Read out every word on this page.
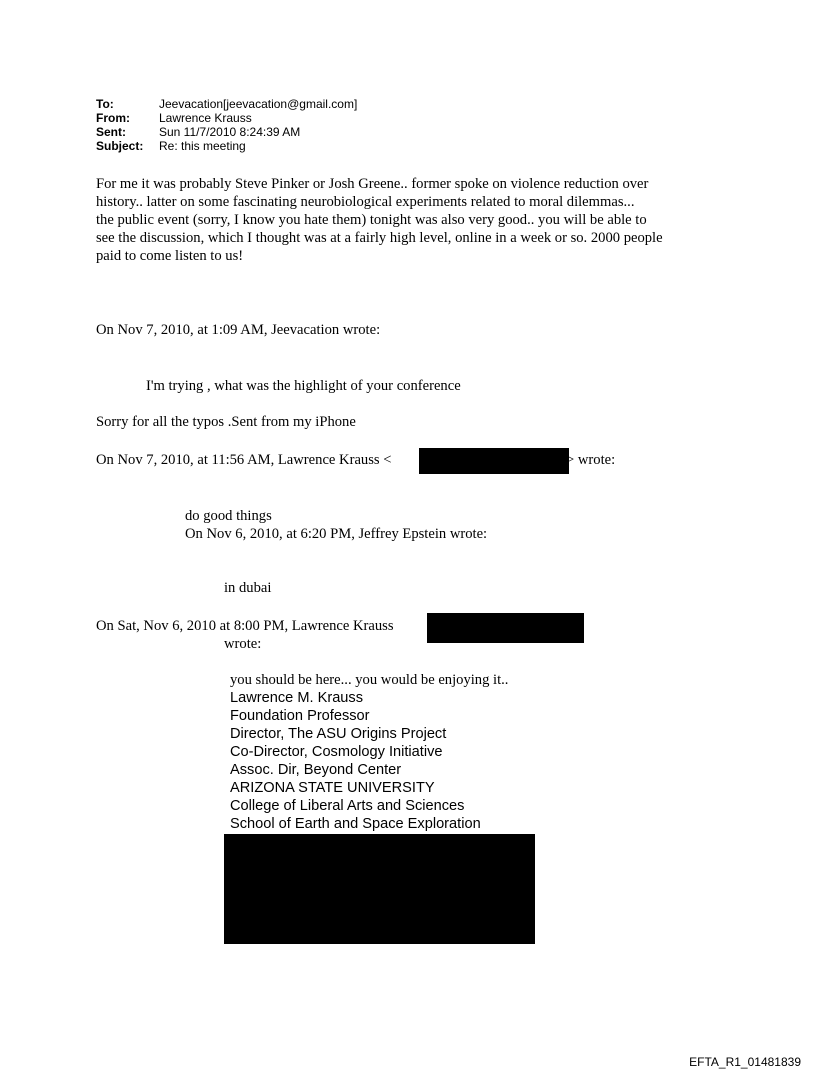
To:	Jeevacation[jeevacation@gmail.com]
From: Lawrence Krauss
Sent:	Sun 11/7/2010 8:24:39 AM
Subject: Re: this meeting
For me it was probably Steve Pinker or Josh Greene.. former spoke on violence reduction over
history.. latter on some fascinating neurobiological experiments related to moral dilemmas...
the public event (sorry, I know you hate them) tonight was also very good.. you will be able to
see the discussion, which I thought was at a fairly high level, online in a week or so. 2000 people
paid to come listen to us!
On Nov 7, 2010, at 1:09 AM, Jeevacation wrote:
I'm trying , what was the highlight of your conference
Sorry for all the typos .Sent from my iPhone
On Nov 7, 2010, at 11:56 AM, Lawrence Krauss <	> wrote:
do good things
On Nov 6, 2010, at 6:20 PM, Jeffrey Epstein wrote:
in dubai
On Sat, Nov 6, 2010 at 8:00 PM, Lawrence Krauss
wrote:
you should be here... you would be enjoying it..
Lawrence M. Krauss
Foundation Professor
Director, The ASU Origins Project
Co-Director, Cosmology Initiative
Assoc. Dir, Beyond Center
ARIZONA STATE UNIVERSITY
College of Liberal Arts and Sciences
School of Earth and Space Exploration
EFTA_R1_01481839
